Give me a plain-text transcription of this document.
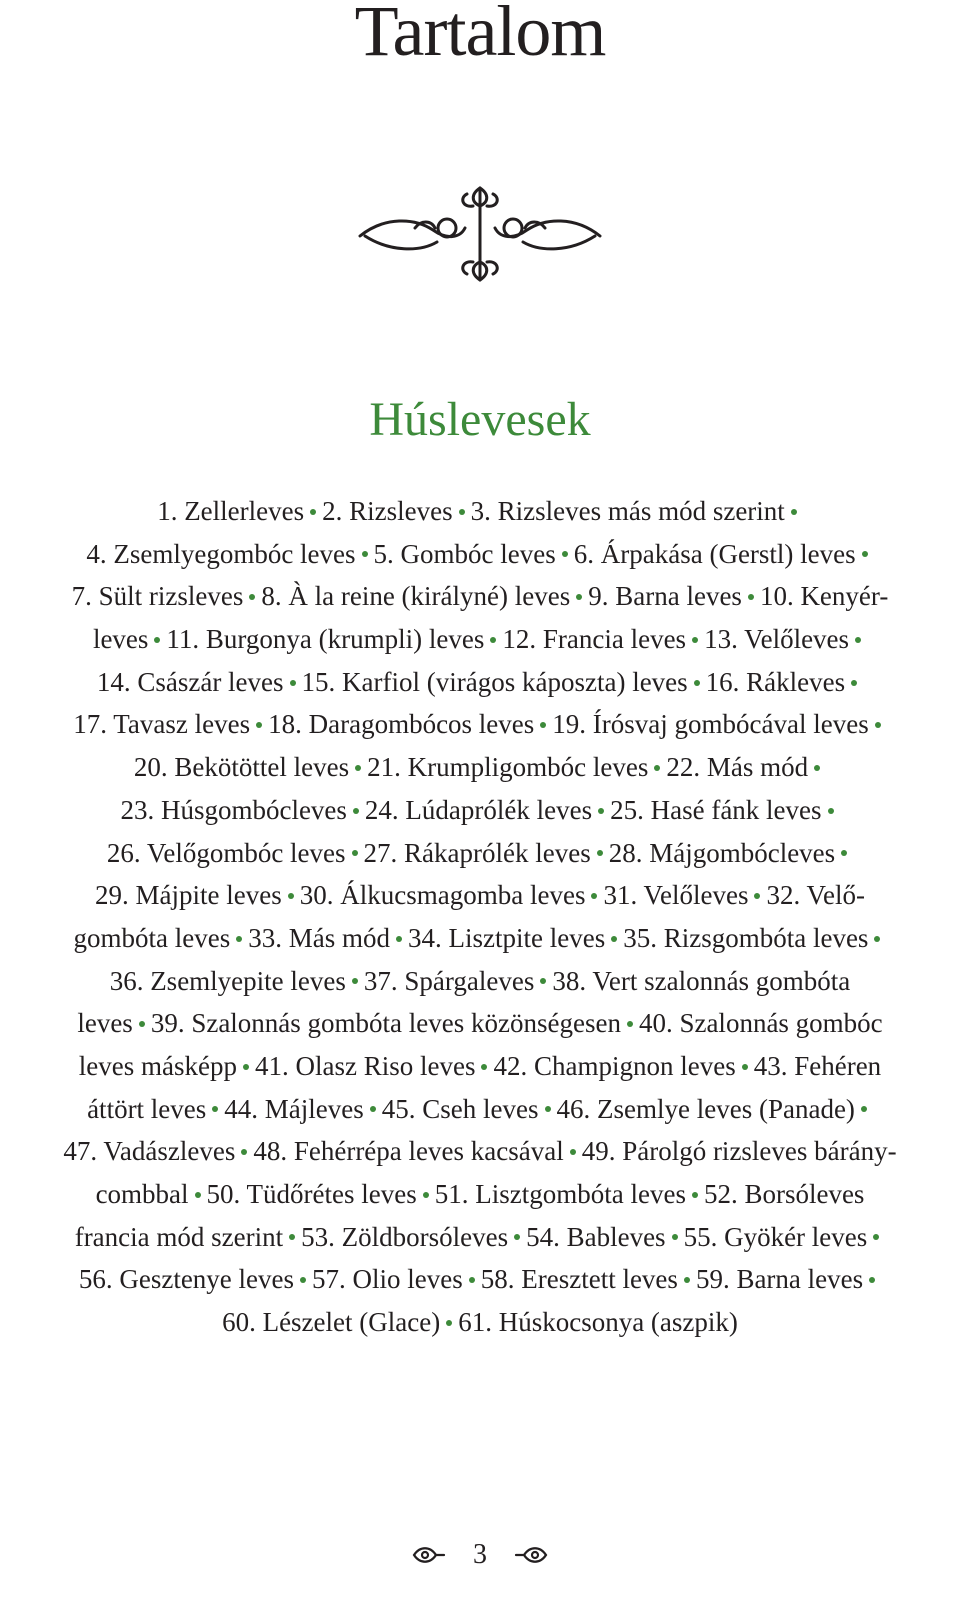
Tartalom
Húslevesek
1. Zellerleves 2. Rizsleves 3. Rizsleves más mód szerint
4. Zsemlyegombóc leves 5. Gombóc leves 6. Árpakása (Gerstl) leves
7. Sült rizsleves 8. À la reine (királyné) leves 9. Barna leves 10. Kenyér-
leves 11. Burgonya (krumpli) leves 12. Francia leves 13. Velőleves
14. Császár leves 15. Karfiol (virágos káposzta) leves 16. Rákleves
17. Tavasz leves 18. Daragombócos leves 19. Írósvaj gombócával leves
20. Bekötöttel leves 21. Krumpligombóc leves 22. Más mód
23. Húsgombócleves 24. Lúdaprólék leves 25. Hasé fánk leves
26. Velőgombóc leves 27. Rákaprólék leves 28. Májgombócleves
29. Májpite leves 30. Álkucsmagomba leves 31. Velőleves 32. Velő-
gombóta leves 33. Más mód 34. Lisztpite leves 35. Rizsgombóta leves
36. Zsemlyepite leves 37. Spárgaleves 38. Vert szalonnás gombóta
leves 39. Szalonnás gombóta leves közönségesen 40. Szalonnás gombóc
leves másképp 41. Olasz Riso leves 42. Champignon leves 43. Fehéren
áttört leves 44. Májleves 45. Cseh leves 46. Zsemlye leves (Panade)
47. Vadászleves 48. Fehérrépa leves kacsával 49. Párolgó rizsleves bárány-
combbal 50. Tüdőrétes leves 51. Lisztgombóta leves 52. Borsóleves
francia mód szerint 53. Zöldborsóleves 54. Bableves 55. Gyökér leves
56. Gesztenye leves 57. Olio leves 58. Eresztett leves 59. Barna leves
60. Lészelet (Glace) 61. Húskocsonya (aszpik)
3
